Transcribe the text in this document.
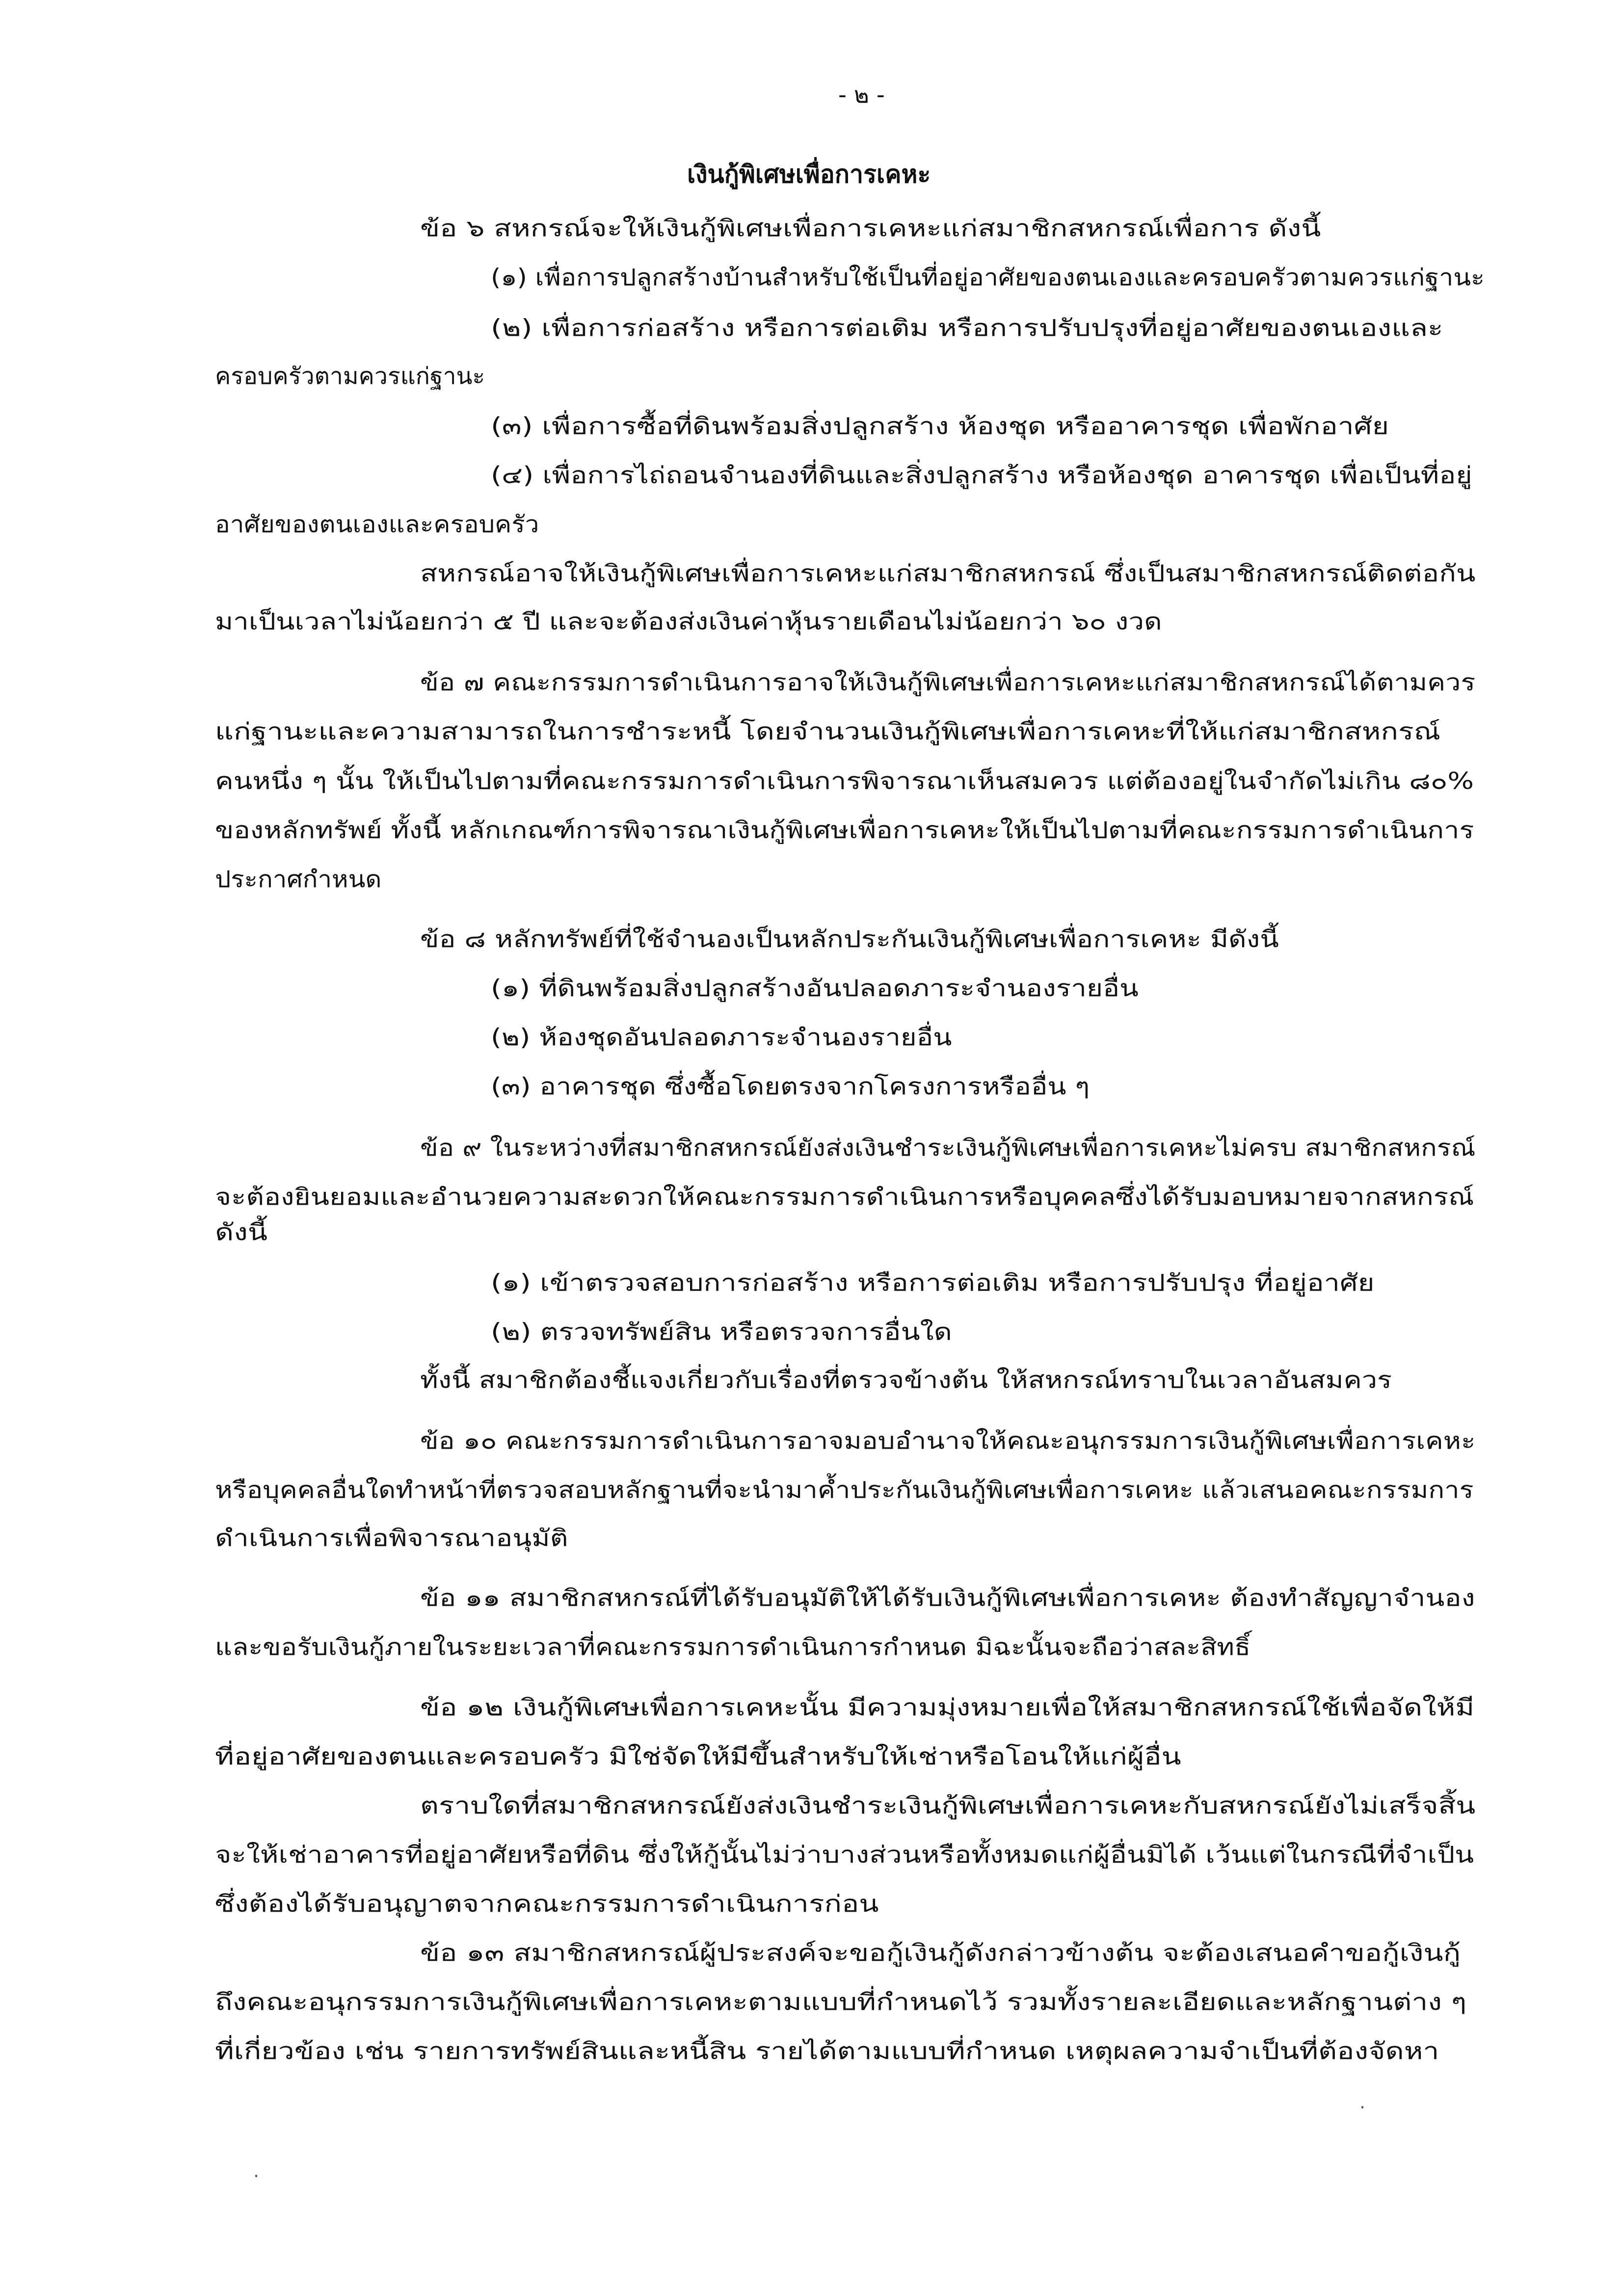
- ๒ -
เงินกู้พิเศษเพื่อการเคหะ
ข้อ ๖ สหกรณ์จะให้เงินกู้พิเศษเพื่อการเคหะแก่สมาชิกสหกรณ์เพื่อการ ดังนี้
(๑) เพื่อการปลูกสร้างบ้านสำหรับใช้เป็นที่อยู่อาศัยของตนเองและครอบครัวตามควรแก่ฐานะ
(๒) เพื่อการก่อสร้าง หรือการต่อเติม หรือการปรับปรุงที่อยู่อาศัยของตนเองและ
ครอบครัวตามควรแก่ฐานะ
(๓) เพื่อการซื้อที่ดินพร้อมสิ่งปลูกสร้าง ห้องชุด หรืออาคารชุด เพื่อพักอาศัย
(๔) เพื่อการไถ่ถอนจำนองที่ดินและสิ่งปลูกสร้าง หรือห้องชุด อาคารชุด เพื่อเป็นที่อยู่
อาศัยของตนเองและครอบครัว
สหกรณ์อาจให้เงินกู้พิเศษเพื่อการเคหะแก่สมาชิกสหกรณ์ ซึ่งเป็นสมาชิกสหกรณ์ติดต่อกัน
มาเป็นเวลาไม่น้อยกว่า ๕ ปี และจะต้องส่งเงินค่าหุ้นรายเดือนไม่น้อยกว่า ๖๐ งวด
ข้อ ๗ คณะกรรมการดำเนินการอาจให้เงินกู้พิเศษเพื่อการเคหะแก่สมาชิกสหกรณ์ได้ตามควร
แก่ฐานะและความสามารถในการชำระหนี้ โดยจำนวนเงินกู้พิเศษเพื่อการเคหะที่ให้แก่สมาชิกสหกรณ์
คนหนึ่ง ๆ นั้น ให้เป็นไปตามที่คณะกรรมการดำเนินการพิจารณาเห็นสมควร แต่ต้องอยู่ในจำกัดไม่เกิน ๘๐%
ของหลักทรัพย์ ทั้งนี้ หลักเกณฑ์การพิจารณาเงินกู้พิเศษเพื่อการเคหะให้เป็นไปตามที่คณะกรรมการดำเนินการ
ประกาศกำหนด
ข้อ ๘ หลักทรัพย์ที่ใช้จำนองเป็นหลักประกันเงินกู้พิเศษเพื่อการเคหะ มีดังนี้
(๑) ที่ดินพร้อมสิ่งปลูกสร้างอันปลอดภาระจำนองรายอื่น
(๒) ห้องชุดอันปลอดภาระจำนองรายอื่น
(๓) อาคารชุด ซึ่งซื้อโดยตรงจากโครงการหรืออื่น ๆ
ข้อ ๙ ในระหว่างที่สมาชิกสหกรณ์ยังส่งเงินชำระเงินกู้พิเศษเพื่อการเคหะไม่ครบ สมาชิกสหกรณ์
จะต้องยินยอมและอำนวยความสะดวกให้คณะกรรมการดำเนินการหรือบุคคลซึ่งได้รับมอบหมายจากสหกรณ์
ดังนี้
(๑) เข้าตรวจสอบการก่อสร้าง หรือการต่อเติม หรือการปรับปรุง ที่อยู่อาศัย
(๒) ตรวจทรัพย์สิน หรือตรวจการอื่นใด
ทั้งนี้ สมาชิกต้องชี้แจงเกี่ยวกับเรื่องที่ตรวจข้างต้น ให้สหกรณ์ทราบในเวลาอันสมควร
ข้อ ๑๐ คณะกรรมการดำเนินการอาจมอบอำนาจให้คณะอนุกรรมการเงินกู้พิเศษเพื่อการเคหะ
หรือบุคคลอื่นใดทำหน้าที่ตรวจสอบหลักฐานที่จะนำมาค้ำประกันเงินกู้พิเศษเพื่อการเคหะ แล้วเสนอคณะกรรมการ
ดำเนินการเพื่อพิจารณาอนุมัติ
ข้อ ๑๑ สมาชิกสหกรณ์ที่ได้รับอนุมัติให้ได้รับเงินกู้พิเศษเพื่อการเคหะ ต้องทำสัญญาจำนอง
และขอรับเงินกู้ภายในระยะเวลาที่คณะกรรมการดำเนินการกำหนด มิฉะนั้นจะถือว่าสละสิทธิ์
ข้อ ๑๒ เงินกู้พิเศษเพื่อการเคหะนั้น มีความมุ่งหมายเพื่อให้สมาชิกสหกรณ์ใช้เพื่อจัดให้มี
ที่อยู่อาศัยของตนและครอบครัว มิใช่จัดให้มีขึ้นสำหรับให้เช่าหรือโอนให้แก่ผู้อื่น
ตราบใดที่สมาชิกสหกรณ์ยังส่งเงินชำระเงินกู้พิเศษเพื่อการเคหะกับสหกรณ์ยังไม่เสร็จสิ้น
จะให้เช่าอาคารที่อยู่อาศัยหรือที่ดิน ซึ่งให้กู้นั้นไม่ว่าบางส่วนหรือทั้งหมดแก่ผู้อื่นมิได้ เว้นแต่ในกรณีที่จำเป็น
ซึ่งต้องได้รับอนุญาตจากคณะกรรมการดำเนินการก่อน
ข้อ ๑๓ สมาชิกสหกรณ์ผู้ประสงค์จะขอกู้เงินกู้ดังกล่าวข้างต้น จะต้องเสนอคำขอกู้เงินกู้
ถึงคณะอนุกรรมการเงินกู้พิเศษเพื่อการเคหะตามแบบที่กำหนดไว้ รวมทั้งรายละเอียดและหลักฐานต่าง ๆ
ที่เกี่ยวข้อง เช่น รายการทรัพย์สินและหนี้สิน รายได้ตามแบบที่กำหนด เหตุผลความจำเป็นที่ต้องจัดหา
